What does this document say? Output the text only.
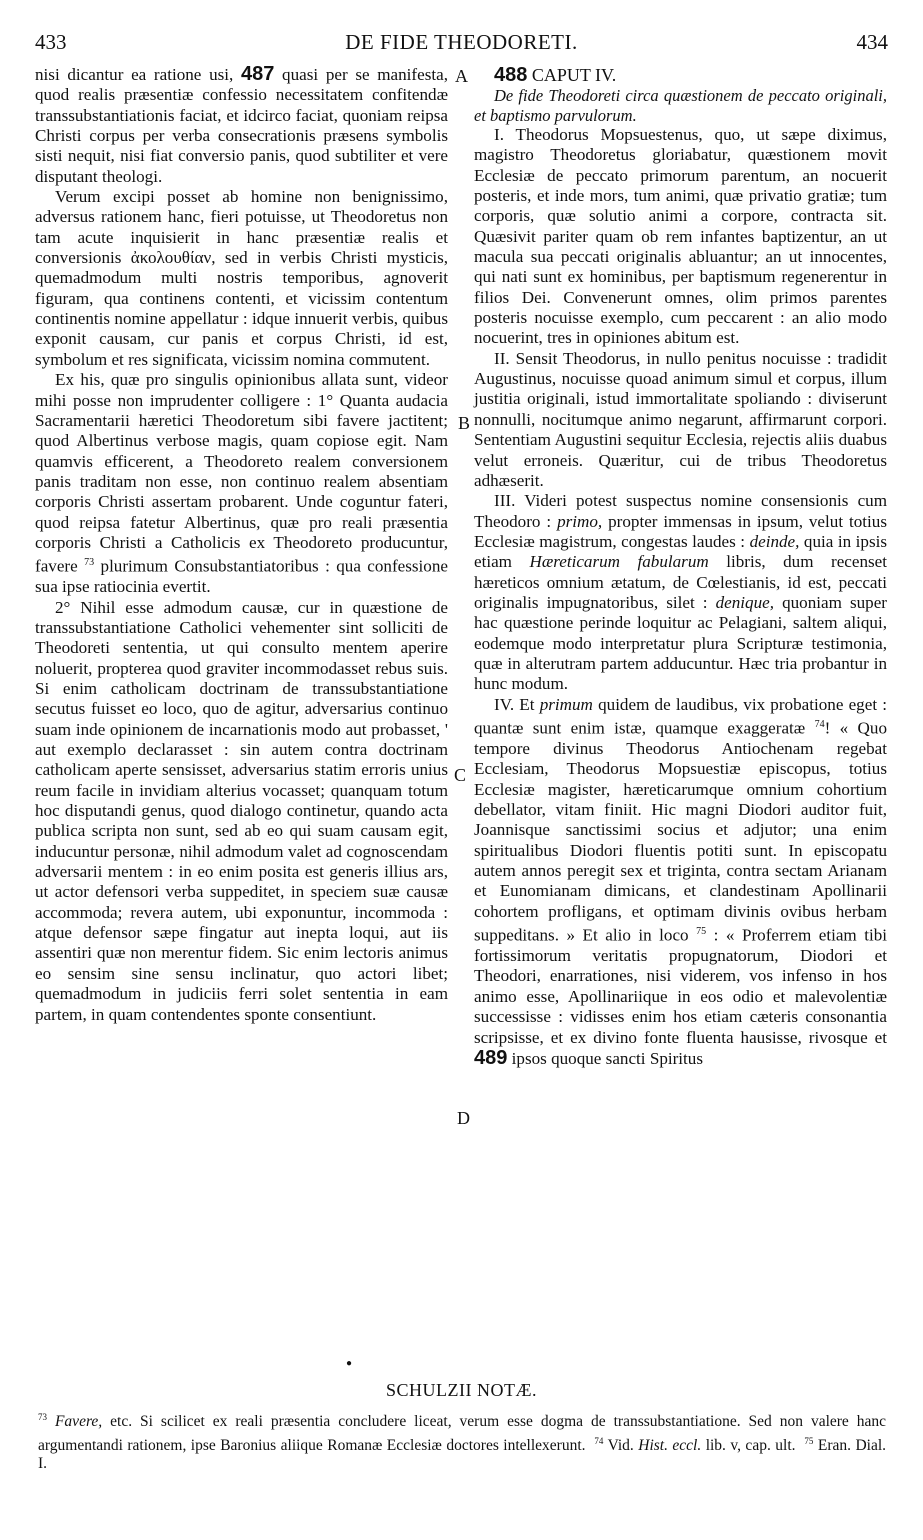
433	DE FIDE THEODORETI.	434
A
B
C
D

nisi dicantur ea ratione usi, 487 quasi per se manifesta, quod realis præsentiæ confessio necessitatem confitendæ transsubstantiationis faciat, et idcirco faciat, quoniam reipsa Christi corpus per verba consecrationis præsens symbolis sisti nequit, nisi fiat conversio panis, quod subtiliter et vere disputant theologi.

Verum excipi posset ab homine non benignissimo, adversus rationem hanc, fieri potuisse, ut Theodoretus non tam acute inquisierit in hanc præsentiæ realis et conversionis ἀκολουθίαν, sed in verbis Christi mysticis, quemadmodum multi nostris temporibus, agnoverit figuram, qua continens contenti, et vicissim contentum continentis nomine appellatur : idque innuerit verbis, quibus exponit causam, cur panis et corpus Christi, id est, symbolum et res significata, vicissim nomina commutent.

Ex his, quæ pro singulis opinionibus allata sunt, videor mihi posse non imprudenter colligere : 1° Quanta audacia Sacramentarii hæretici Theodoretum sibi favere jactitent; quod Albertinus verbose magis, quam copiose egit. Nam quamvis efficerent, a Theodoreto realem conversionem panis traditam non esse, non continuo realem absentiam corporis Christi assertam probarent. Unde coguntur fateri, quod reipsa fatetur Albertinus, quæ pro reali præsentia corporis Christi a Catholicis ex Theodoreto producuntur, favere $^{73}$ plurimum Consubstantiatoribus : qua confessione sua ipse ratiocinia evertit.

2° Nihil esse admodum causæ, cur in quæstione de transsubstantiatione Catholici vehementer sint solliciti de Theodoreti sententia, ut qui consulto mentem aperire noluerit, propterea quod graviter incommodasset rebus suis. Si enim catholicam doctrinam de transsubstantiatione secutus fuisset eo loco, quo de agitur, adversarius continuo suam inde opinionem de incarnationis modo aut probasset, ' aut exemplo declarasset : sin autem contra doctrinam catholicam aperte sensisset, adversarius statim erroris unius reum facile in invidiam alterius vocasset; quanquam totum hoc disputandi genus, quod dialogo continetur, quando acta publica scripta non sunt, sed ab eo qui suam causam egit, inducuntur personæ, nihil admodum valet ad cognoscendam adversarii mentem : in eo enim posita est generis illius ars, ut actor defensori verba suppeditet, in speciem suæ causæ accommoda; revera autem, ubi exponuntur, incommoda : atque defensor sæpe fingatur aut inepta loqui, aut iis assentiri quæ non merentur fidem. Sic enim lectoris animus eo sensim sine sensu inclinatur, quo actori libet; quemadmodum in judiciis ferri solet sententia in eam partem, in quam contendentes sponte consentiunt.

488 CAPUT IV.

De fide Theodoreti circa quæstionem de peccato originali, et baptismo parvulorum.

I. Theodorus Mopsuestenus, quo, ut sæpe diximus, magistro Theodoretus gloriabatur, quæstionem movit Ecclesiæ de peccato primorum parentum, an nocuerit posteris, et inde mors, tum animi, quæ privatio gratiæ; tum corporis, quæ solutio animi a corpore, contracta sit. Quæsivit pariter quam ob rem infantes baptizentur, an ut macula sua peccati originalis abluantur; an ut innocentes, qui nati sunt ex hominibus, per baptismum regenerentur in filios Dei. Convenerunt omnes, olim primos parentes posteris nocuisse exemplo, cum peccarent : an alio modo nocuerint, tres in opiniones abitum est.

II. Sensit Theodorus, in nullo penitus nocuisse : tradidit Augustinus, nocuisse quoad animum simul et corpus, illum justitia originali, istud immortalitate spoliando : diviserunt nonnulli, nocitumque animo negarunt, affirmarunt corpori. Sententiam Augustini sequitur Ecclesia, rejectis aliis duabus velut erroneis. Quæritur, cui de tribus Theodoretus adhæserit.

III. Videri potest suspectus nomine consensionis cum Theodoro : primo, propter immensas in ipsum, velut totius Ecclesiæ magistrum, congestas laudes : deinde, quia in ipsis etiam Hæreticarum fabularum libris, dum recenset hæreticos omnium ætatum, de Cœlestianis, id est, peccati originalis impugnatoribus, silet : denique, quoniam super hac quæstione perinde loquitur ac Pelagiani, saltem aliqui, eodemque modo interpretatur plura Scripturæ testimonia, quæ in alterutram partem adducuntur. Hæc tria probantur in hunc modum.

IV. Et primum quidem de laudibus, vix probatione eget : quantæ sunt enim istæ, quamque exaggeratæ $^{74}$! « Quo tempore divinus Theodorus Antiochenam regebat Ecclesiam, Theodorus Mopsuestiæ episcopus, totius Ecclesiæ magister, hæreticarumque omnium cohortium debellator, vitam finiit. Hic magni Diodori auditor fuit, Joannisque sanctissimi socius et adjutor; una enim spiritualibus Diodori fluentis potiti sunt. In episcopatu autem annos peregit sex et triginta, contra sectam Arianam et Eunomianam dimicans, et clandestinam Apollinarii cohortem profligans, et optimam divinis ovibus herbam suppeditans. » Et alio in loco $^{75}$ : « Proferrem etiam tibi fortissimorum veritatis propugnatorum, Diodori et Theodori, enarrationes, nisi viderem, vos infenso in hos animo esse, Apollinariique in eos odio et malevolentiæ successisse : vidisses enim hos etiam cæteris consonantia scripsisse, et ex divino fonte fluenta hausisse, rivosque et 489 ipsos quoque sancti Spiritus

●
SCHULZII NOTÆ.

$^{73}$ Favere, etc. Si scilicet ex reali præsentia concludere liceat, verum esse dogma de transsubstantiatione. Sed non valere hanc argumentandi rationem, ipse Baronius aliique Romanæ Ecclesiæ doctores intellexerunt. $^{74}$ Vid. Hist. eccl. lib. v, cap. ult. $^{75}$ Eran. Dial. I.
